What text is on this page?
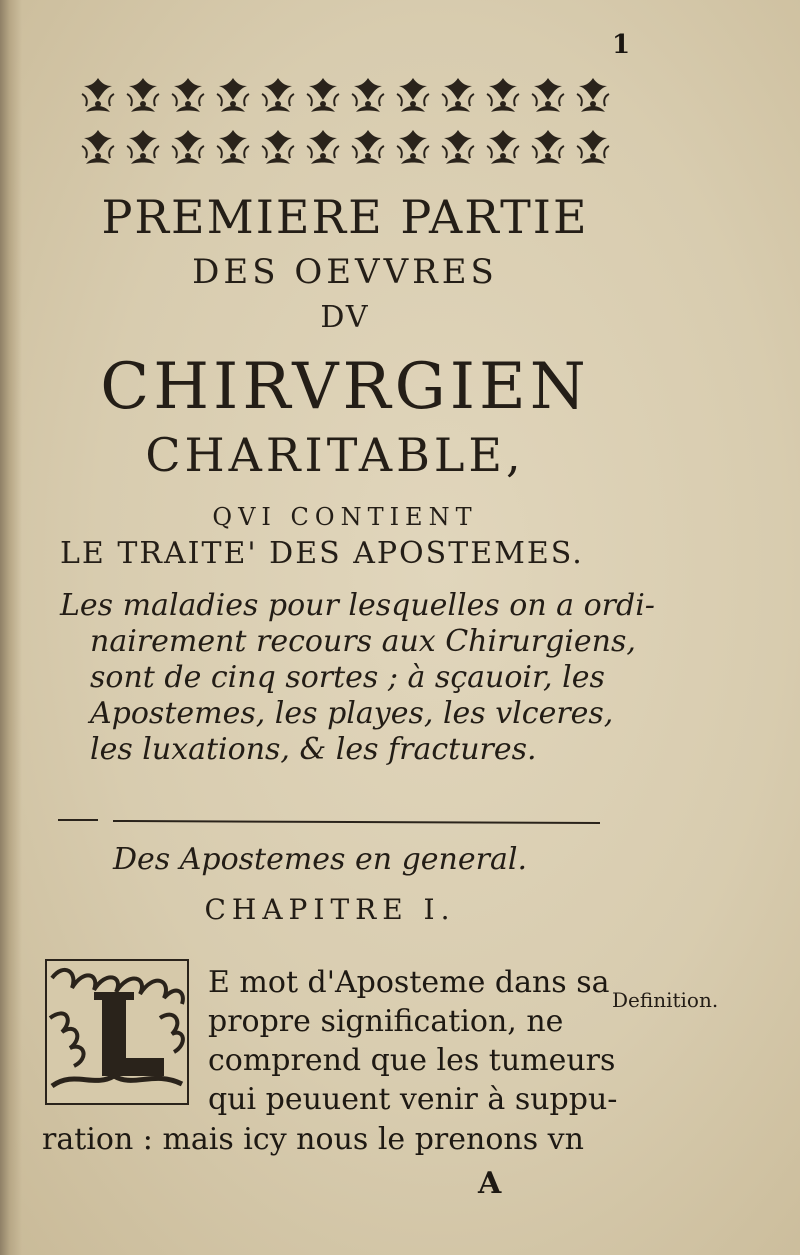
1
PREMIERE PARTIE
DES OEVVRES
DV
CHIRVRGIEN
CHARITABLE,
QVI CONTIENT
LE TRAITE' DES APOSTEMES.
Les maladies pour lesquelles on a ordi-
nairement recours aux Chirurgiens,
sont de cinq sortes ; à sçauoir, les
Apostemes, les playes, les vlceres,
les luxations, & les fractures.
Des Apostemes en general.
CHAPITRE I.
E mot d'Aposteme dans sa
propre signification, ne
comprend que les tumeurs
qui peuuent venir à suppu-
ration : mais icy nous le prenons vn
Definition.
A
